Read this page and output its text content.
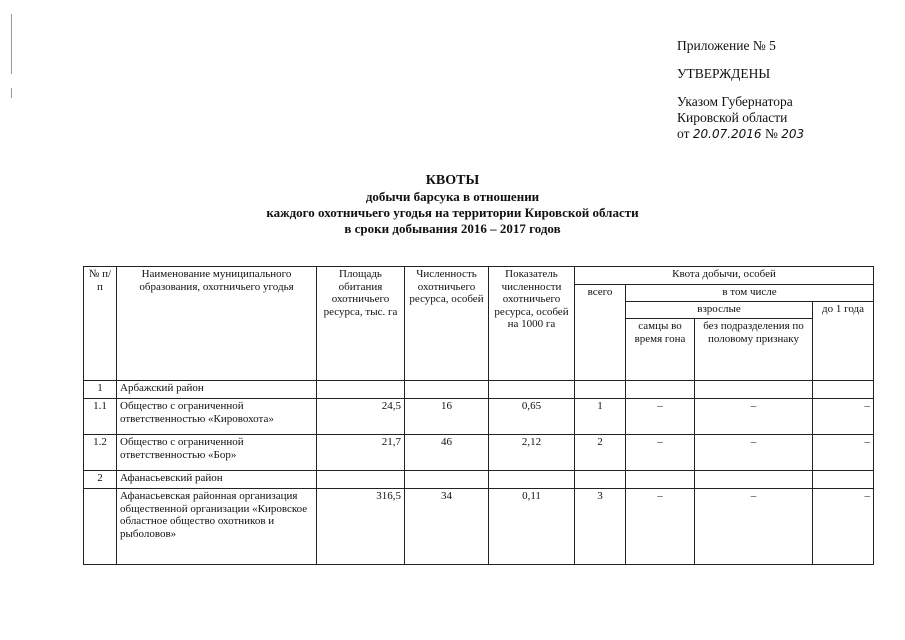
Приложение № 5
УТВЕРЖДЕНЫ
Указом Губернатора
Кировской области
от 20.07.2016 № 203
КВОТЫ
добычи барсука в отношении
каждого охотничьего угодья на территории Кировской области
в сроки добывания 2016 – 2017 годов
№ п/п	Наименование муниципального образования, охотничьего угодья	Площадь обитания охотничьего ресурса, тыс. га	Численность охотничьего ресурса, особей	Показатель численности охотничьего ресурса, особей на 1000 га	Квота добычи, особей			
					всего	в том числе		
						взрослые		до 1 года
						самцы во время гона	без подразделения по половому признаку	
1	Арбажский район							
1.1	Общество с ограниченной ответственностью «Кировохота»	24,5	16	0,65	1	–	–	–
1.2	Общество с ограниченной ответственностью «Бор»	21,7	46	2,12	2	–	–	–
2	Афанасьевский район							
	Афанасьевская районная организация общественной организации «Кировское областное общество охотников и рыболовов»	316,5	34	0,11	3	–	–	–
